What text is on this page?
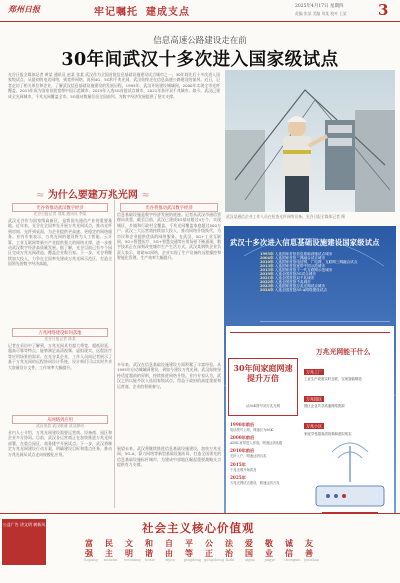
郑州日报	牢记嘱托 建成支点
2025年4月17日 星期四
责编 张某 美编 刘某 校对 王某 3
信息高速公路建设走在前
30年间武汉十多次进入国家级试点
光谷日报全媒体记者 黄某 通讯员 赵某 张某 武汉作为全国首批信息基础设施建设试点城市之一，30年间先后十多次进入国家级试点，从最初的电话网络，到宽带网络，再到4G、5G和千兆光网，武汉始终走在信息高速公路建设的前列。近日，记者走访了相关单位和企业，了解武汉信息基础设施建设的发展历程。1995年，武汉开始建设城域网，2000年实现全市光纤覆盖，2013年成为国家首批宽带中国示范城市，2019年入选5G首批试点城市，2021年获评双千兆城市。如今，武汉已建成全光网城市，千兆光网覆盖全市，5G基站数量位居全国前列，为数字经济发展提供了坚实支撑。
武汉某通信企业工作人员在检查光纤网络设备。光谷日报全媒体记者 摄
≈ 为什么要建万兆光网 ≈
光谷将推动武汉数字经济
光谷日报记者 刘某 通讯员 李某
武汉光谷作为国家级高新区，是我国光通信产业的重要基地。近年来，光谷在全国率先开展万兆光网试点，推动光纤到房间、光纤到桌面，为企业提供更高速、更稳定的网络服务。业内专家表示，万兆光网的建设将为人工智能、云计算、工业互联网等新兴产业提供强大的网络支撑，进一步推动武汉数字经济高质量发展。据了解，光谷目前已有多个园区完成万兆光网改造，覆盖企业数百家。下一步，光谷将继续加大投入，力争在全国率先建成万兆光网示范区，打造全国领先的数字经济高地。
万兆网络建设如何落地
光谷日报记者 陈某
记者在采访中了解到，万兆光网具有超大带宽、超低时延、超高可靠等特点，能够满足高清视频、虚拟现实、远程医疗等应用场景的需求。在光谷某企业，工作人员向记者展示了基于万兆光网的远程协同设计系统，设计师们可以实时共享大容量设计文件，工作效率大幅提升。
从网络到应用
武汉电信 武汉联通 武汉移动
业内人士介绍，万兆光网建设需要运营商、设备商、园区和企业多方协同。目前，武汉各运营商正在加快推进万兆光网部署，在重点园区、商务楼宇开展试点。下一步，武汉将制定万兆光网建设行动方案，明确建设目标和重点任务，推动万兆光网从试点走向规模化应用。
光谷将推动武汉数字经济
信息基础设施是数字经济发展的底座。记者从武汉市通信管理局获悉，截至目前，武汉已建成5G基站超过4万个，实现城区、乡镇和行政村全覆盖，千兆光网覆盖家庭超过500万户。武汉三大运营商持续加大投入，推动网络升级换代，为市民和企业提供优质的网络服务。在武汉，5G+工业互联网、5G+智慧医疗、5G+智慧交通等应用场景不断涌现，数字技术正在深刻改变城市生产生活方式。武汉某钢铁企业负责人表示，借助5G网络，企业实现了生产设备的远程操控和智能化管理，生产效率大幅提升。
多年来，武汉在信息基础设施建设方面积累了丰富经验。从1995年启动城域网建设，到如今建设万兆光网，武汉始终坚持适度超前的原则，持续推进网络升级。业内专家认为，武汉之所以能多次入选国家级试点，得益于政府的高度重视和运营商、企业的积极参与。
展望未来，武汉将继续推进信息基础设施建设，加快万兆光网、5G-A、算力网络等新型基础设施布局，打造全国领先的信息基础设施标杆城市，为建成中部地区崛起重要战略支点提供有力支撑。
武汉十多次进入信息基础设施建设国家级试点
1995年 入选国家首批信息基础设施试点城市
2004年 入选国家首批三网融合试点城市
2010年 入选国家首批电信网、广电网、互联网三网融合试点
2013年 入选国家首批宽带中国示范城市
2015年 入选国家首批下一代互联网示范城市
2019年 入选全国首批5G试点城市
2021年 入选全国首批双千兆城市
2022年 入选全国首批千兆城市
2023年 入选国家首批万兆光网试点城市
2024年 入选全国首批5G-A网络建设试点
万兆光网能干什么
30年间家庭网速提升万倍
从56K拨号到万兆光网
万兆工厂
工业生产设备实时互联，实现智能制造
万兆园区
园区企业共享高速网络资源
万兆小区
家庭享受超高清视频和虚拟现实
1990年前后
电话拨号上网，网速仅为56K
2000年前后
ADSL宽带进入家庭，网速达到兆级
2010年前后
光纤入户，网速达到百兆
2015年
千兆光网开始普及
2025年
万兆光网试点建设，网速达到万兆
公益广告 讲文明 树新风	社会主义核心价值观
富强
fuqiang
民主
minzhu
文明
wenming
和谐
hexie
自由
ziyou
平等
pingdeng
公正
gongzheng
法治
fazhi
爱国
aiguo
敬业
jingye
诚信
chengxin
友善
youshan
